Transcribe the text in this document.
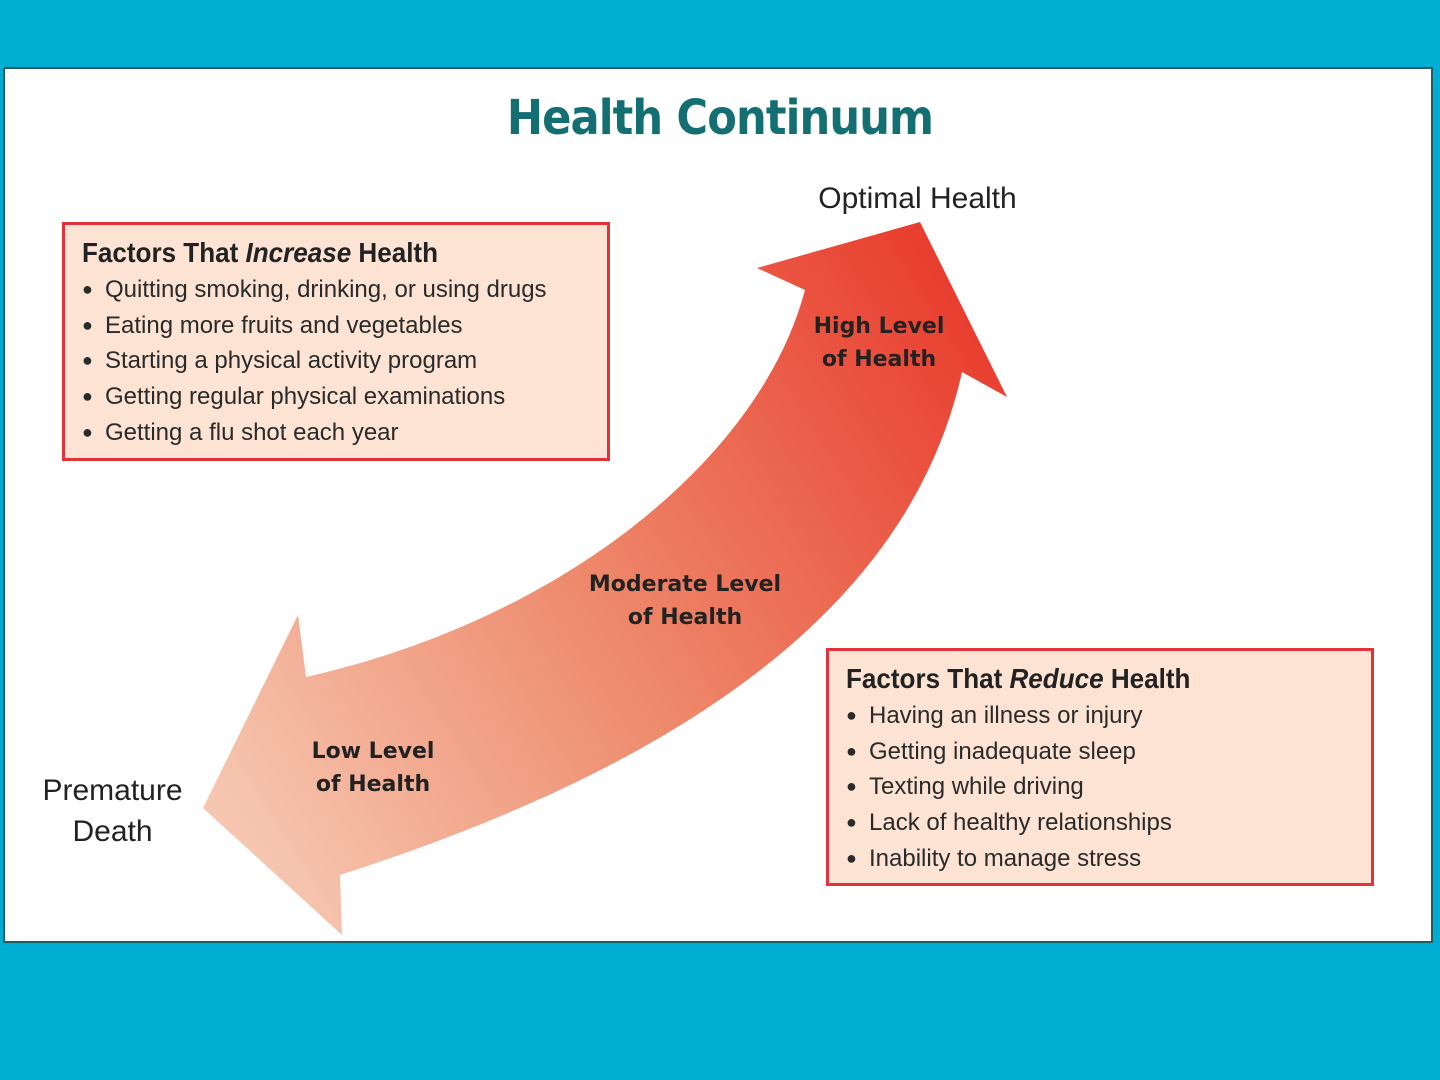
Health Continuum
Optimal Health
Premature
Death
High Level
of Health
Moderate Level
of Health
Low Level
of Health
Factors That Increase Health
● Quitting smoking, drinking, or using drugs
● Eating more fruits and vegetables
● Starting a physical activity program
● Getting regular physical examinations
● Getting a flu shot each year
Factors That Reduce Health
● Having an illness or injury
● Getting inadequate sleep
● Texting while driving
● Lack of healthy relationships
● Inability to manage stress
